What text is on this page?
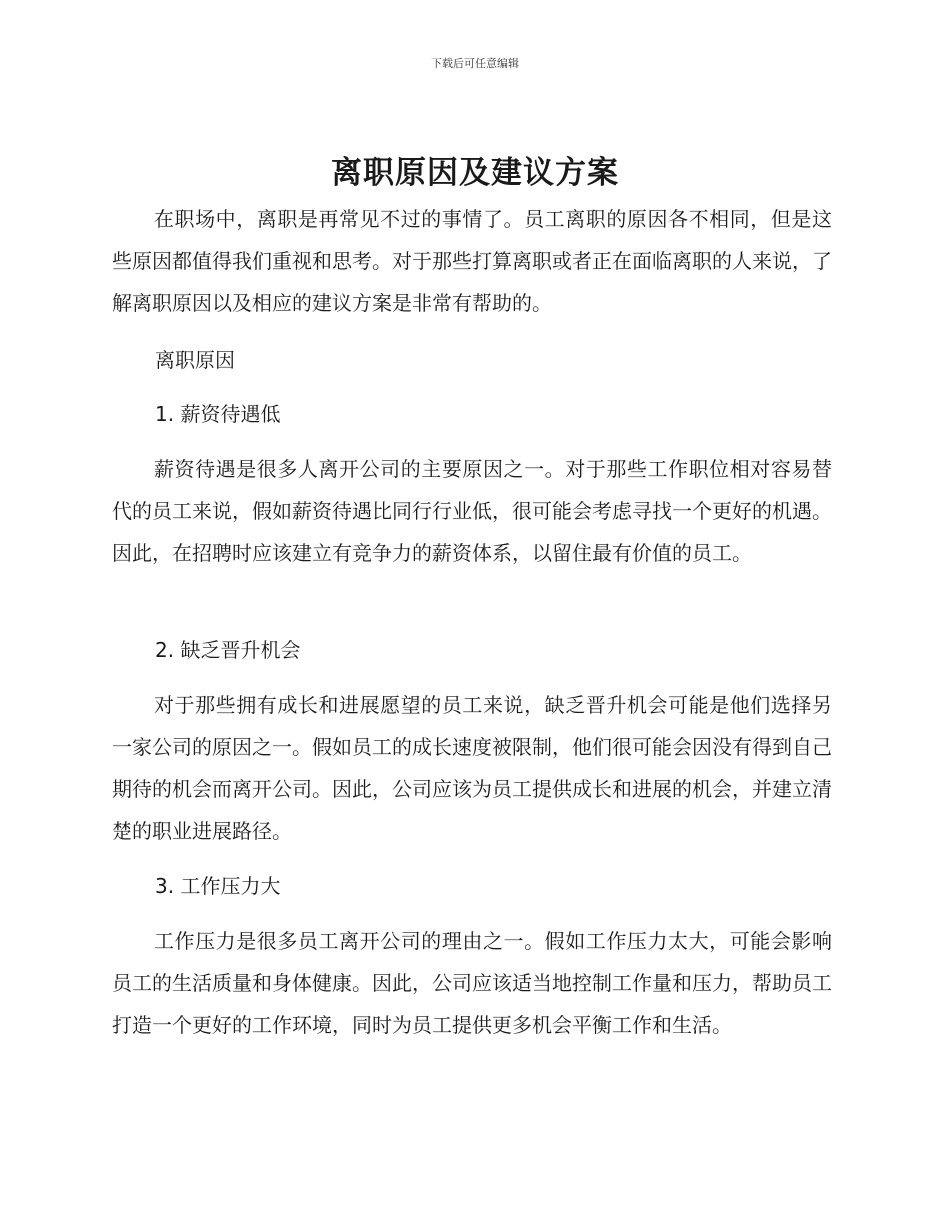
下载后可任意编辑
离职原因及建议方案

在职场中，离职是再常见不过的事情了。员工离职的原因各不相同，但是这些原因都值得我们重视和思考。对于那些打算离职或者正在面临离职的人来说，了解离职原因以及相应的建议方案是非常有帮助的。

离职原因
1. 薪资待遇低

薪资待遇是很多人离开公司的主要原因之一。对于那些工作职位相对容易替代的员工来说，假如薪资待遇比同行行业低，很可能会考虑寻找一个更好的机遇。因此，在招聘时应该建立有竞争力的薪资体系，以留住最有价值的员工。

2. 缺乏晋升机会

对于那些拥有成长和进展愿望的员工来说，缺乏晋升机会可能是他们选择另一家公司的原因之一。假如员工的成长速度被限制，他们很可能会因没有得到自己期待的机会而离开公司。因此，公司应该为员工提供成长和进展的机会，并建立清楚的职业进展路径。

3. 工作压力大

工作压力是很多员工离开公司的理由之一。假如工作压力太大，可能会影响员工的生活质量和身体健康。因此，公司应该适当地控制工作量和压力，帮助员工打造一个更好的工作环境，同时为员工提供更多机会平衡工作和生活。
